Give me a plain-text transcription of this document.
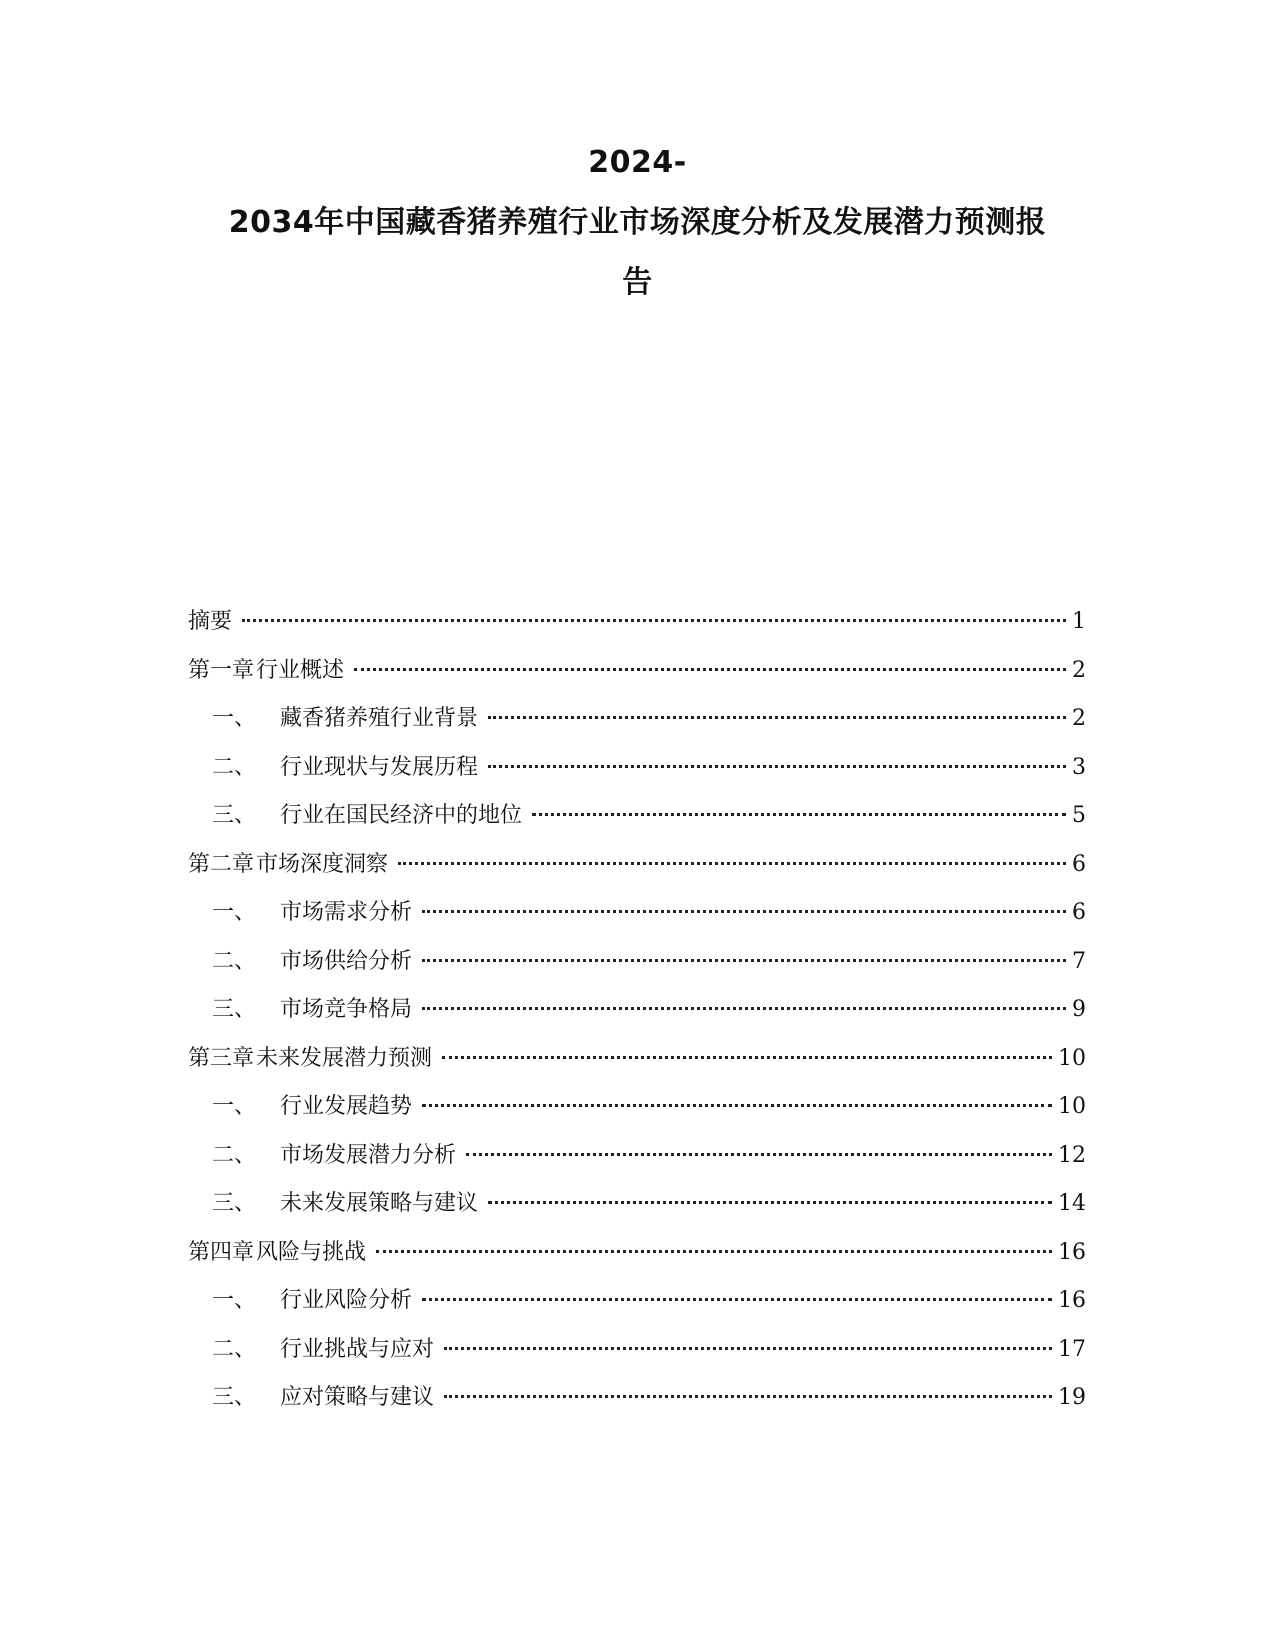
2024-
2034年中国藏香猪养殖行业市场深度分析及发展潜力预测报
告
摘要	1
第一章 行业概述	2
一、	藏香猪养殖行业背景	2
二、	行业现状与发展历程	3
三、	行业在国民经济中的地位	5
第二章 市场深度洞察	6
一、	市场需求分析	6
二、	市场供给分析	7
三、	市场竞争格局	9
第三章 未来发展潜力预测	10
一、	行业发展趋势	10
二、	市场发展潜力分析	12
三、	未来发展策略与建议	14
第四章 风险与挑战	16
一、	行业风险分析	16
二、	行业挑战与应对	17
三、	应对策略与建议	19
